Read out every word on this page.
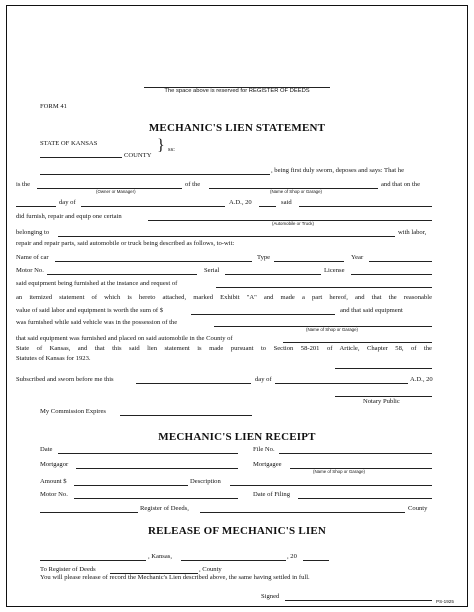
The space above is reserved for REGISTER OF DEEDS
FORM 41
MECHANIC'S LIEN STATEMENT
STATE OF KANSAS
COUNTY
} ss:
, being first duly sworn, deposes and says: That he
is the
(Owner or Manager)
of the
(Name of Shop or Garage)
and that on the
day of	A.D., 20	said
did furnish, repair and equip one certain
(Automobile or Truck)
belonging to	with labor,
repair and repair parts, said automobile or truck being described as follows, to-wit:
Name of car	Type	Year
Motor No.	Serial	License
said equipment being furnished at the instance and request of
an itemized statement of which is hereto attached, marked Exhibit "A" and made a part hereof, and that the reasonable
value of said labor and equipment is worth the sum of $	and that said equipment
was furnished while said vehicle was in the possession of the
(Name of Shop or Garage)
that said equipment was furnished and placed on said automobile in the County of
State of Kansas, and that this said lien statement is made pursuant to Section 58-201 of Article, Chapter 58, of the
Statutes of Kansas for 1923.
Subscribed and sworn before me this	day of	A.D., 20
Notary Public
My Commission Expires
MECHANIC'S LIEN RECEIPT
Date	File No.
Mortgagor	Mortgagee
(Name of Shop or Garage)
Amount $	Description
Motor No.	Date of Filing
Register of Deeds,	County
RELEASE OF MECHANIC'S LIEN
, Kansas,	, 20
To Register of Deeds	, County
You will please release of record the Mechanic's Lien described above, the same having settled in full.
Signed
PS-1925
